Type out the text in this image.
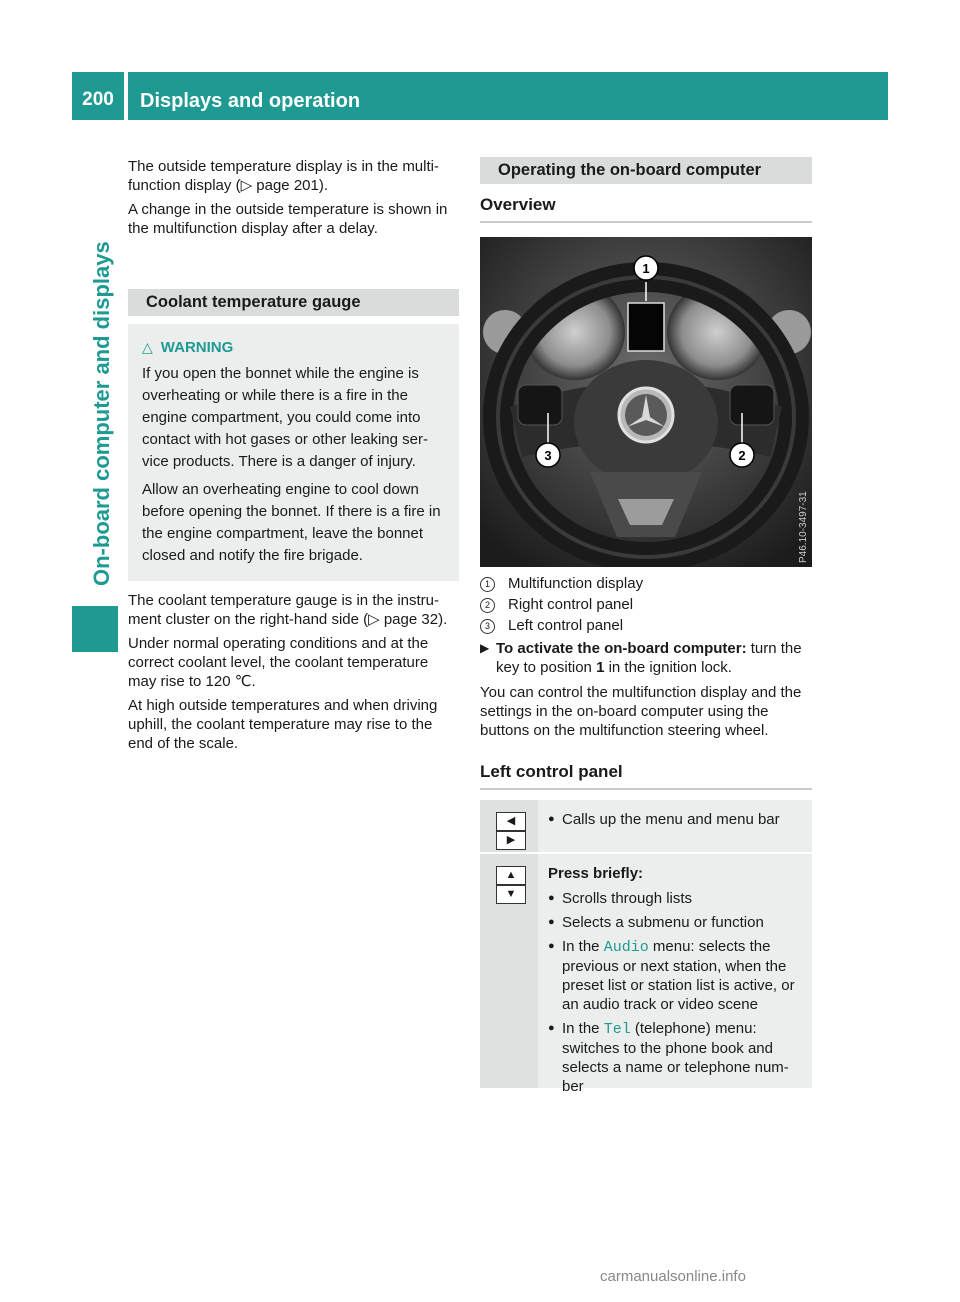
200	Displays and operation
On-board computer and displays

The outside temperature display is in the multi- function display (▷ page 201).

A change in the outside temperature is shown in the multifunction display after a delay.

Coolant temperature gauge
△ WARNING

If you open the bonnet while the engine is overheating or while there is a fire in the engine compartment, you could come into contact with hot gases or other leaking ser- vice products. There is a danger of injury.

Allow an overheating engine to cool down before opening the bonnet. If there is a fire in the engine compartment, leave the bonnet closed and notify the fire brigade.

The coolant temperature gauge is in the instru- ment cluster on the right-hand side (▷ page 32).

Under normal operating conditions and at the correct coolant level, the coolant temperature may rise to 120 ℃.

At high outside temperatures and when driving uphill, the coolant temperature may rise to the end of the scale.

Operating the on-board computer
Overview
1
2
3
P46.10-3497-31
1	Multifunction display
2	Right control panel
3	Left control panel
▶ To activate the on-board computer: turn the key to position 1 in the ignition lock.

You can control the multifunction display and the settings in the on-board computer using the buttons on the multifunction steering wheel.

Left control panel
◀
▶
● Calls up the menu and menu bar
▲
▼
Press briefly:
● Scrolls through lists
● Selects a submenu or function
● In the Audio menu: selects the previous or next station, when the preset list or station list is active, or an audio track or video scene
● In the Tel (telephone) menu: switches to the phone book and selects a name or telephone num- ber
carmanualsonline.info
